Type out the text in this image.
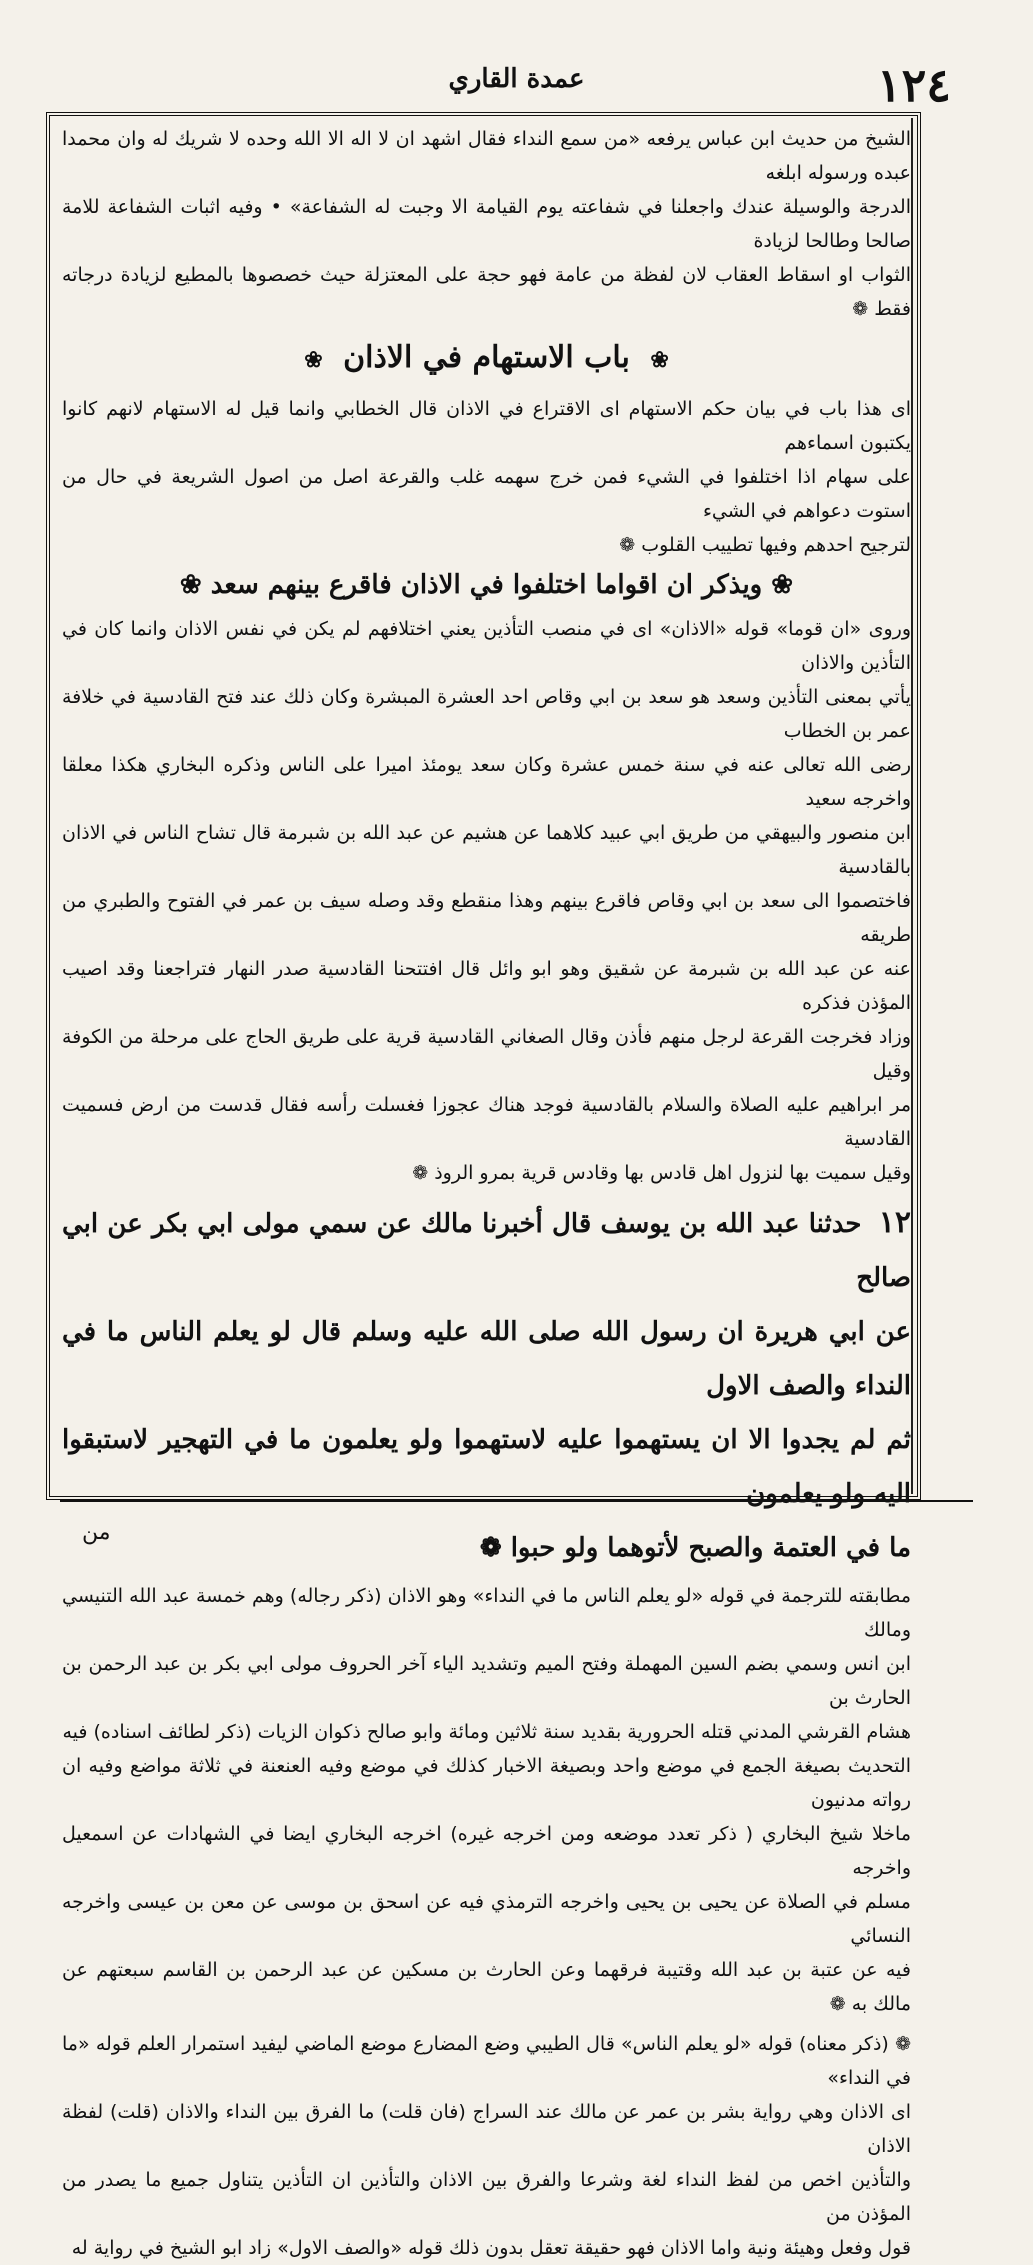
١٢٤
عمدة القاري

الشيخ من حديث ابن عباس يرفعه «من سمع النداء فقال اشهد ان لا اله الا الله وحده لا شريك له وان محمدا عبده ورسوله ابلغه

الدرجة والوسيلة عندك واجعلنا في شفاعته يوم القيامة الا وجبت له الشفاعة» • وفيه اثبات الشفاعة للامة صالحا وطالحا لزيادة

الثواب او اسقاط العقاب لان لفظة من عامة فهو حجة على المعتزلة حيث خصصوها بالمطيع لزيادة درجاته فقط ❁

❀ باب الاستهام في الاذان ❀

اى هذا باب في بيان حكم الاستهام اى الاقتراع في الاذان قال الخطابي وانما قيل له الاستهام لانهم كانوا يكتبون اسماءهم

على سهام اذا اختلفوا في الشيء فمن خرج سهمه غلب والقرعة اصل من اصول الشريعة في حال من استوت دعواهم في الشيء

لترجيح احدهم وفيها تطييب القلوب ❁

❀ ويذكر ان اقواما اختلفوا في الاذان فاقرع بينهم سعد ❀

وروى «ان قوما» قوله «الاذان» اى في منصب التأذين يعني اختلافهم لم يكن في نفس الاذان وانما كان في التأذين والاذان

يأتي بمعنى التأذين وسعد هو سعد بن ابي وقاص احد العشرة المبشرة وكان ذلك عند فتح القادسية في خلافة عمر بن الخطاب

رضى الله تعالى عنه في سنة خمس عشرة وكان سعد يومئذ اميرا على الناس وذكره البخاري هكذا معلقا واخرجه سعيد

ابن منصور والبيهقي من طريق ابي عبيد كلاهما عن هشيم عن عبد الله بن شبرمة قال تشاح الناس في الاذان بالقادسية

فاختصموا الى سعد بن ابي وقاص فاقرع بينهم وهذا منقطع وقد وصله سيف بن عمر في الفتوح والطبري من طريقه

عنه عن عبد الله بن شبرمة عن شقيق وهو ابو وائل قال افتتحنا القادسية صدر النهار فتراجعنا وقد اصيب المؤذن فذكره

وزاد فخرجت القرعة لرجل منهم فأذن وقال الصغاني القادسية قرية على طريق الحاج على مرحلة من الكوفة وقيل

مر ابراهيم عليه الصلاة والسلام بالقادسية فوجد هناك عجوزا فغسلت رأسه فقال قدست من ارض فسميت القادسية

وقيل سميت بها لنزول اهل قادس بها وقادس قرية بمرو الروذ ❁

١٢ حدثنا عبد الله بن يوسف قال أخبرنا مالك عن سمي مولى ابي بكر عن ابي صالح
عن ابي هريرة ان رسول الله صلى الله عليه وسلم قال لو يعلم الناس ما في النداء والصف الاول
ثم لم يجدوا الا ان يستهموا عليه لاستهموا ولو يعلمون ما في التهجير لاستبقوا اليه ولو يعلمون
ما في العتمة والصبح لأتوهما ولو حبوا ❁

مطابقته للترجمة في قوله «لو يعلم الناس ما في النداء» وهو الاذان (ذكر رجاله) وهم خمسة عبد الله التنيسي ومالك

ابن انس وسمي بضم السين المهملة وفتح الميم وتشديد الياء آخر الحروف مولى ابي بكر بن عبد الرحمن بن الحارث بن

هشام القرشي المدني قتله الحرورية بقديد سنة ثلاثين ومائة وابو صالح ذكوان الزيات (ذكر لطائف اسناده) فيه

التحديث بصيغة الجمع في موضع واحد وبصيغة الاخبار كذلك في موضع وفيه العنعنة في ثلاثة مواضع وفيه ان رواته مدنيون

ماخلا شيخ البخاري ( ذكر تعدد موضعه ومن اخرجه غيره) اخرجه البخاري ايضا في الشهادات عن اسمعيل واخرجه

مسلم في الصلاة عن يحيى بن يحيى واخرجه الترمذي فيه عن اسحق بن موسى عن معن بن عيسى واخرجه النسائي

فيه عن عتبة بن عبد الله وقتيبة فرقهما وعن الحارث بن مسكين عن عبد الرحمن بن القاسم سبعتهم عن مالك به ❁

❁ (ذكر معناه) قوله «لو يعلم الناس» قال الطيبي وضع المضارع موضع الماضي ليفيد استمرار العلم قوله «ما في النداء»

اى الاذان وهي رواية بشر بن عمر عن مالك عند السراج (فان قلت) ما الفرق بين النداء والاذان (قلت) لفظة الاذان

والتأذين اخص من لفظ النداء لغة وشرعا والفرق بين الاذان والتأذين ان التأذين يتناول جميع ما يصدر من المؤذن من

قول وفعل وهيئة ونية واما الاذان فهو حقيقة تعقل بدون ذلك قوله «والصف الاول» زاد ابو الشيخ في رواية له

من
